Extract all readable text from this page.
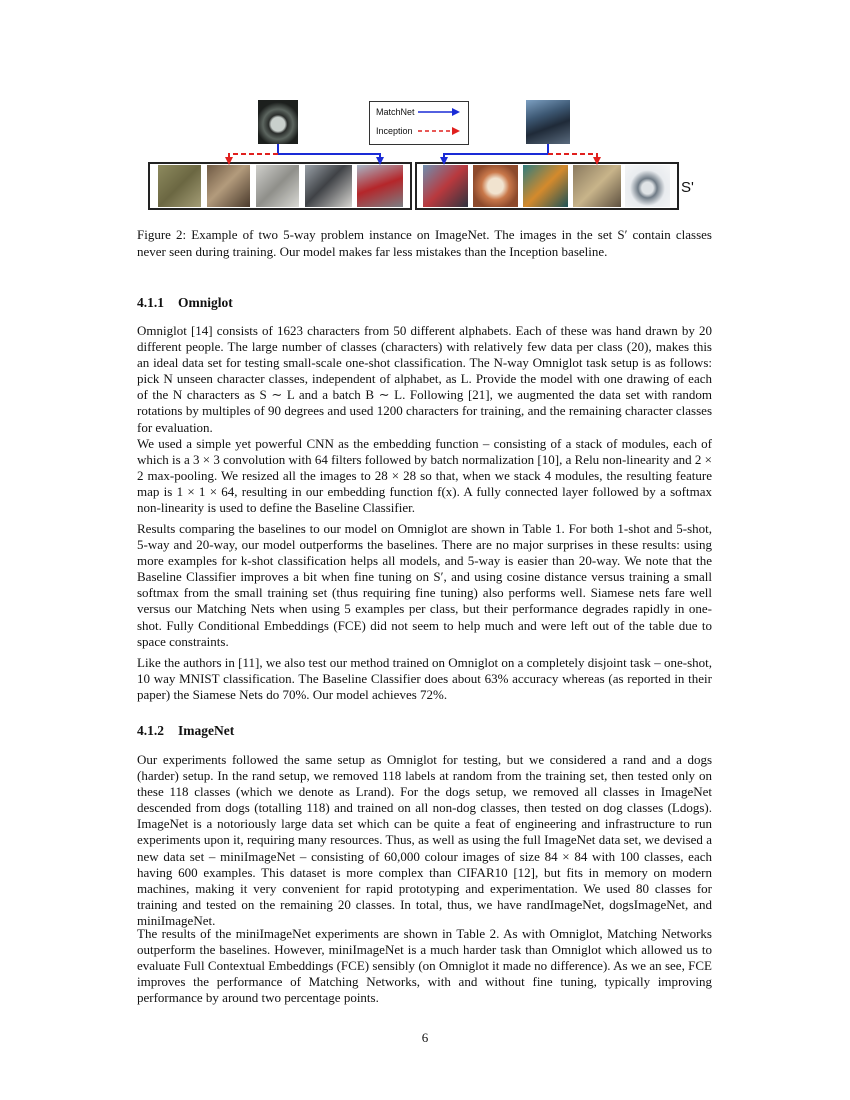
MatchNet
Inception
S'
Figure 2: Example of two 5-way problem instance on ImageNet. The images in the set S′ contain classes never seen during training. Our model makes far less mistakes than the Inception baseline.
4.1.1 Omniglot

Omniglot [14] consists of 1623 characters from 50 different alphabets. Each of these was hand drawn by 20 different people. The large number of classes (characters) with relatively few data per class (20), makes this an ideal data set for testing small-scale one-shot classification. The N-way Omniglot task setup is as follows: pick N unseen character classes, independent of alphabet, as L. Provide the model with one drawing of each of the N characters as S ∼ L and a batch B ∼ L. Following [21], we augmented the data set with random rotations by multiples of 90 degrees and used 1200 characters for training, and the remaining character classes for evaluation.

We used a simple yet powerful CNN as the embedding function – consisting of a stack of modules, each of which is a 3 × 3 convolution with 64 filters followed by batch normalization [10], a Relu non-linearity and 2 × 2 max-pooling. We resized all the images to 28 × 28 so that, when we stack 4 modules, the resulting feature map is 1 × 1 × 64, resulting in our embedding function f(x). A fully connected layer followed by a softmax non-linearity is used to define the Baseline Classifier.

Results comparing the baselines to our model on Omniglot are shown in Table 1. For both 1-shot and 5-shot, 5-way and 20-way, our model outperforms the baselines. There are no major surprises in these results: using more examples for k-shot classification helps all models, and 5-way is easier than 20-way. We note that the Baseline Classifier improves a bit when fine tuning on S′, and using cosine distance versus training a small softmax from the small training set (thus requiring fine tuning) also performs well. Siamese nets fare well versus our Matching Nets when using 5 examples per class, but their performance degrades rapidly in one-shot. Fully Conditional Embeddings (FCE) did not seem to help much and were left out of the table due to space constraints.

Like the authors in [11], we also test our method trained on Omniglot on a completely disjoint task – one-shot, 10 way MNIST classification. The Baseline Classifier does about 63% accuracy whereas (as reported in their paper) the Siamese Nets do 70%. Our model achieves 72%.

4.1.2 ImageNet

Our experiments followed the same setup as Omniglot for testing, but we considered a rand and a dogs (harder) setup. In the rand setup, we removed 118 labels at random from the training set, then tested only on these 118 classes (which we denote as Lrand). For the dogs setup, we removed all classes in ImageNet descended from dogs (totalling 118) and trained on all non-dog classes, then tested on dog classes (Ldogs). ImageNet is a notoriously large data set which can be quite a feat of engineering and infrastructure to run experiments upon it, requiring many resources. Thus, as well as using the full ImageNet data set, we devised a new data set – miniImageNet – consisting of 60,000 colour images of size 84 × 84 with 100 classes, each having 600 examples. This dataset is more complex than CIFAR10 [12], but fits in memory on modern machines, making it very convenient for rapid prototyping and experimentation. We used 80 classes for training and tested on the remaining 20 classes. In total, thus, we have randImageNet, dogsImageNet, and miniImageNet.

The results of the miniImageNet experiments are shown in Table 2. As with Omniglot, Matching Networks outperform the baselines. However, miniImageNet is a much harder task than Omniglot which allowed us to evaluate Full Contextual Embeddings (FCE) sensibly (on Omniglot it made no difference). As we an see, FCE improves the performance of Matching Networks, with and without fine tuning, typically improving performance by around two percentage points.

6
